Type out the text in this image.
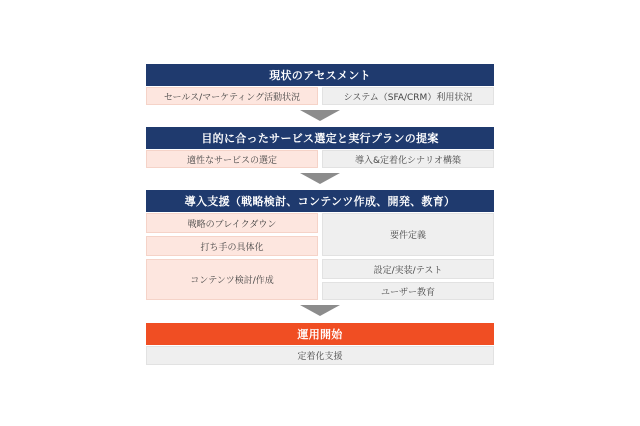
現状のアセスメント
セールス/マーケティング活動状況	システム（SFA/CRM）利用状況
目的に合ったサービス選定と実行プランの提案
適性なサービスの選定	導入&定着化シナリオ構築
導入支援（戦略検討、コンテンツ作成、開発、教育）
戦略のブレイクダウン
打ち手の具体化
コンテンツ検討/作成
要件定義
設定/実装/テスト
ユーザー教育
運用開始
定着化支援
